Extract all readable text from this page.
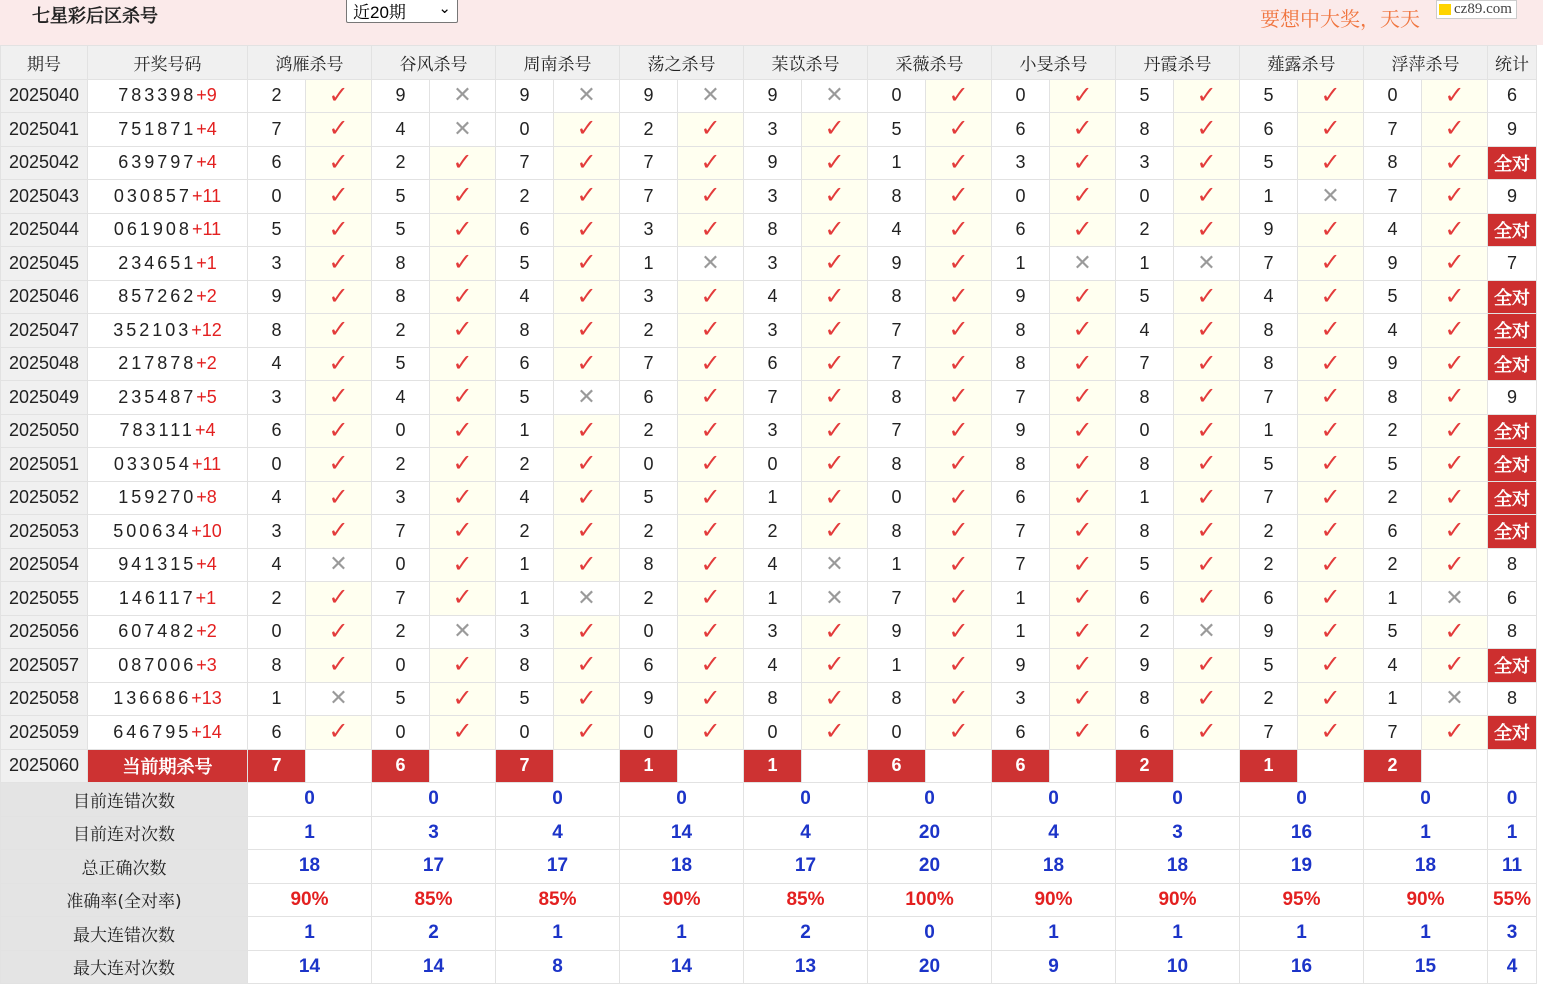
七星彩后区杀号	近20期 ⌄	要想中大奖，天天	cz89.com
期号	开奖号码	鸿雁杀号		谷风杀号		周南杀号		荡之杀号		苿苡杀号		采薇杀号		小旻杀号		丹霞杀号		薤露杀号		浮萍杀号		统计
2025040	783398+9	2	✓	9	✕	9	✕	9	✕	9	✕	0	✓	0	✓	5	✓	5	✓	0	✓	6
2025041	751871+4	7	✓	4	✕	0	✓	2	✓	3	✓	5	✓	6	✓	8	✓	6	✓	7	✓	9
2025042	639797+4	6	✓	2	✓	7	✓	7	✓	9	✓	1	✓	3	✓	3	✓	5	✓	8	✓	全对
2025043	030857+11	0	✓	5	✓	2	✓	7	✓	3	✓	8	✓	0	✓	0	✓	1	✕	7	✓	9
2025044	061908+11	5	✓	5	✓	6	✓	3	✓	8	✓	4	✓	6	✓	2	✓	9	✓	4	✓	全对
2025045	234651+1	3	✓	8	✓	5	✓	1	✕	3	✓	9	✓	1	✕	1	✕	7	✓	9	✓	7
2025046	857262+2	9	✓	8	✓	4	✓	3	✓	4	✓	8	✓	9	✓	5	✓	4	✓	5	✓	全对
2025047	352103+12	8	✓	2	✓	8	✓	2	✓	3	✓	7	✓	8	✓	4	✓	8	✓	4	✓	全对
2025048	217878+2	4	✓	5	✓	6	✓	7	✓	6	✓	7	✓	8	✓	7	✓	8	✓	9	✓	全对
2025049	235487+5	3	✓	4	✓	5	✕	6	✓	7	✓	8	✓	7	✓	8	✓	7	✓	8	✓	9
2025050	783111+4	6	✓	0	✓	1	✓	2	✓	3	✓	7	✓	9	✓	0	✓	1	✓	2	✓	全对
2025051	033054+11	0	✓	2	✓	2	✓	0	✓	0	✓	8	✓	8	✓	8	✓	5	✓	5	✓	全对
2025052	159270+8	4	✓	3	✓	4	✓	5	✓	1	✓	0	✓	6	✓	1	✓	7	✓	2	✓	全对
2025053	500634+10	3	✓	7	✓	2	✓	2	✓	2	✓	8	✓	7	✓	8	✓	2	✓	6	✓	全对
2025054	941315+4	4	✕	0	✓	1	✓	8	✓	4	✕	1	✓	7	✓	5	✓	2	✓	2	✓	8
2025055	146117+1	2	✓	7	✓	1	✕	2	✓	1	✕	7	✓	1	✓	6	✓	6	✓	1	✕	6
2025056	607482+2	0	✓	2	✕	3	✓	0	✓	3	✓	9	✓	1	✓	2	✕	9	✓	5	✓	8
2025057	087006+3	8	✓	0	✓	8	✓	6	✓	4	✓	1	✓	9	✓	9	✓	5	✓	4	✓	全对
2025058	136686+13	1	✕	5	✓	5	✓	9	✓	8	✓	8	✓	3	✓	8	✓	2	✓	1	✕	8
2025059	646795+14	6	✓	0	✓	0	✓	0	✓	0	✓	0	✓	6	✓	6	✓	7	✓	7	✓	全对
2025060	当前期杀号	7		6		7		1		1		6		6		2		1		2		
目前连错次数		0		0		0		0		0		0		0		0		0		0		0
目前连对次数		1		3		4		14		4		20		4		3		16		1		1
总正确次数		18		17		17		18		17		20		18		18		19		18		11
准确率(全对率)		90%		85%		85%		90%		85%		100%		90%		90%		95%		90%		55%
最大连错次数		1		2		1		1		2		0		1		1		1		1		3
最大连对次数		14		14		8		14		13		20		9		10		16		15		4
